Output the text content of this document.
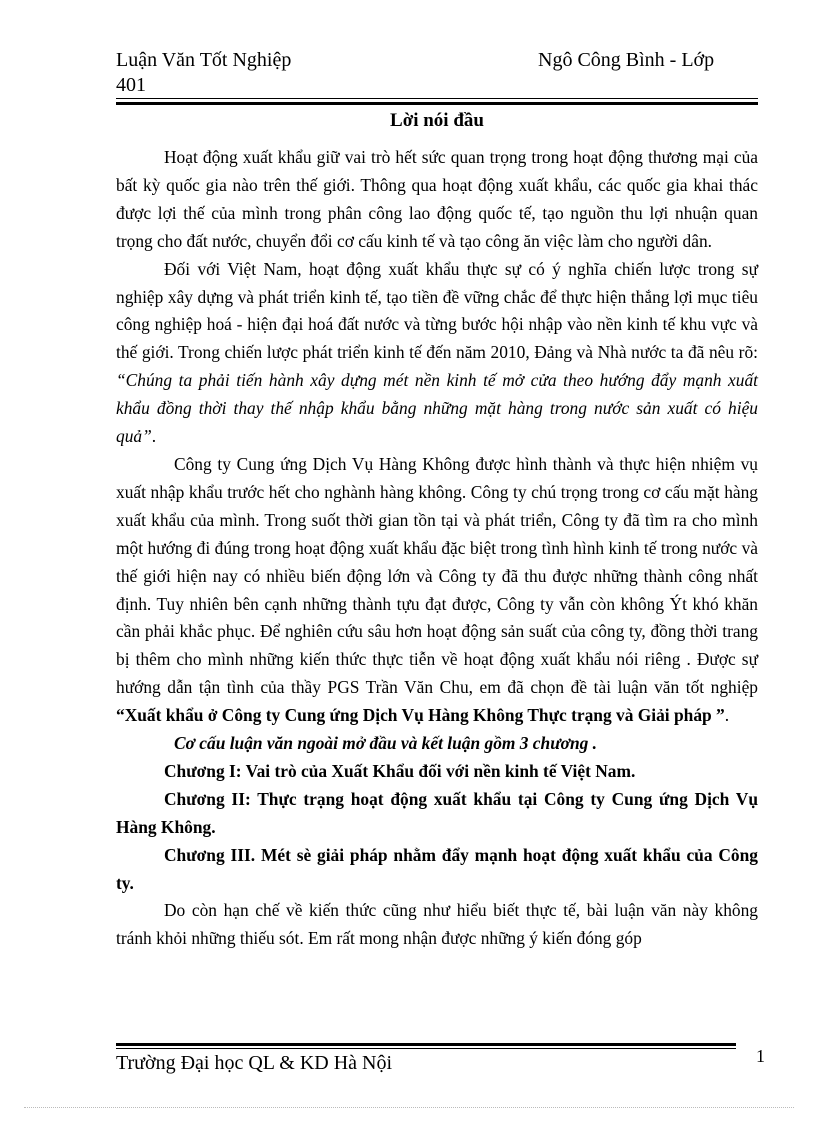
Luận Văn Tốt Nghiệp	Ngô Công Bình - Lớp
401
Lời nói đầu

Hoạt động xuất khẩu giữ vai trò hết sức quan trọng trong hoạt động thương mại của bất kỳ quốc gia nào trên thế giới. Thông qua hoạt động xuất khẩu, các quốc gia khai thác được lợi thế của mình trong phân công lao động quốc tế, tạo nguồn thu lợi nhuận quan trọng cho đất nước, chuyển đổi cơ cấu kinh tế và tạo công ăn việc làm cho người dân.

Đối với Việt Nam, hoạt động xuất khẩu thực sự có ý nghĩa chiến lược trong sự nghiệp xây dựng và phát triển kinh tế, tạo tiền đề vững chắc để thực hiện thắng lợi mục tiêu công nghiệp hoá - hiện đại hoá đất nước và từng bước hội nhập vào nền kinh tế khu vực và thế giới. Trong chiến lược phát triển kinh tế đến năm 2010, Đảng và Nhà nước ta đã nêu rõ: “Chúng ta phải tiến hành xây dựng mét nền kinh tế mở cửa theo hướng đẩy mạnh xuất khẩu đồng thời thay thế nhập khẩu bằng những mặt hàng trong nước sản xuất có hiệu quả”.

Công ty Cung ứng Dịch Vụ Hàng Không được hình thành và thực hiện nhiệm vụ xuất nhập khẩu trước hết cho nghành hàng không. Công ty chú trọng trong cơ cấu mặt hàng xuất khẩu của mình. Trong suốt thời gian tồn tại và phát triển, Công ty đã tìm ra cho mình một hướng đi đúng trong hoạt động xuất khẩu đặc biệt trong tình hình kinh tế trong nước và thế giới hiện nay có nhiều biến động lớn và Công ty đã thu được những thành công nhất định. Tuy nhiên bên cạnh những thành tựu đạt được, Công ty vẫn còn không Ýt khó khăn cần phải khắc phục. Để nghiên cứu sâu hơn hoạt động sản suất của công ty, đồng thời trang bị thêm cho mình những kiến thức thực tiễn về hoạt động xuất khẩu nói riêng . Được sự hướng dẫn tận tình của thầy PGS Trần Văn Chu, em đã chọn đề tài luận văn tốt nghiệp “Xuất khẩu ở Công ty Cung ứng Dịch Vụ Hàng Không Thực trạng và Giải pháp ”.

Cơ cấu luận văn ngoài mở đầu và kết luận gồm 3 chương .

Chương I: Vai trò của Xuất Khẩu đối với nền kinh tế Việt Nam.

Chương II: Thực trạng hoạt động xuất khẩu tại Công ty Cung ứng Dịch Vụ Hàng Không.

Chương III. Mét sè giải pháp nhằm đẩy mạnh hoạt động xuất khẩu của Công ty.

Do còn hạn chế về kiến thức cũng như hiểu biết thực tế, bài luận văn này không tránh khỏi những thiếu sót. Em rất mong nhận được những ý kiến đóng góp

Trường Đại học QL & KD Hà Nội	1
